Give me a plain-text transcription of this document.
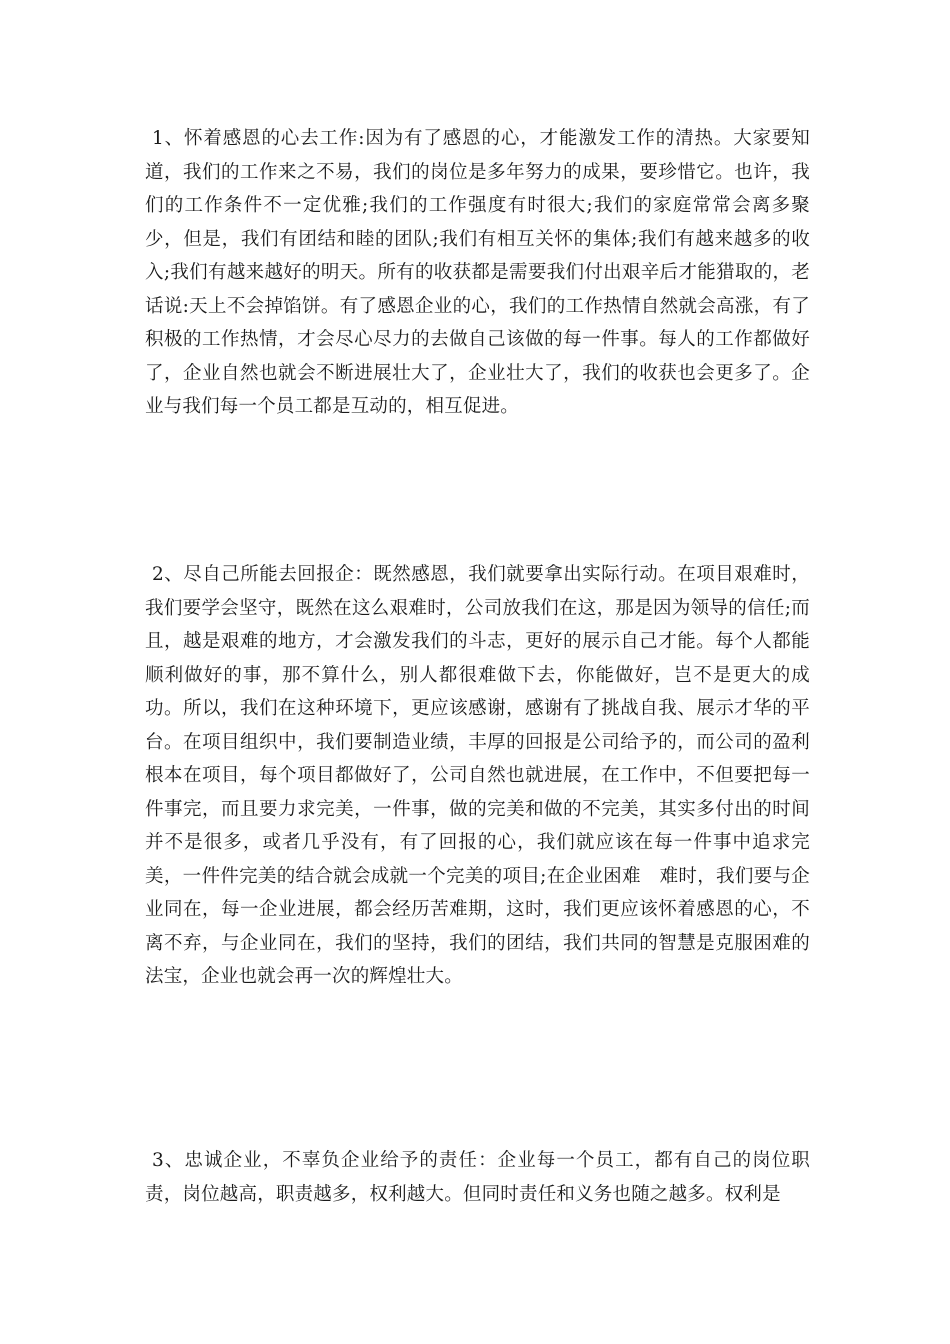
1、怀着感恩的心去工作:因为有了感恩的心，才能激发工作的清热。大家要知道，我们的工作来之不易，我们的岗位是多年努力的成果，要珍惜它。也许，我们的工作条件不一定优雅;我们的工作强度有时很大;我们的家庭常常会离多聚少，但是，我们有团结和睦的团队;我们有相互关怀的集体;我们有越来越多的收入;我们有越来越好的明天。所有的收获都是需要我们付出艰辛后才能猎取的，老话说:天上不会掉馅饼。有了感恩企业的心，我们的工作热情自然就会高涨，有了积极的工作热情，才会尽心尽力的去做自己该做的每一件事。每人的工作都做好了，企业自然也就会不断进展壮大了，企业壮大了，我们的收获也会更多了。企业与我们每一个员工都是互动的，相互促进。

2、尽自己所能去回报企：既然感恩，我们就要拿出实际行动。在项目艰难时，我们要学会坚守，既然在这么艰难时，公司放我们在这，那是因为领导的信任;而且，越是艰难的地方，才会激发我们的斗志，更好的展示自己才能。每个人都能顺利做好的事，那不算什么，别人都很难做下去，你能做好，岂不是更大的成功。所以，我们在这种环境下，更应该感谢，感谢有了挑战自我、展示才华的平台。在项目组织中，我们要制造业绩，丰厚的回报是公司给予的，而公司的盈利根本在项目，每个项目都做好了，公司自然也就进展，在工作中，不但要把每一件事完，而且要力求完美，一件事，做的完美和做的不完美，其实多付出的时间并不是很多，或者几乎没有，有了回报的心，我们就应该在每一件事中追求完美，一件件完美的结合就会成就一个完美的项目;在企业困难　难时，我们要与企业同在，每一企业进展，都会经历苦难期，这时，我们更应该怀着感恩的心，不离不弃，与企业同在，我们的坚持，我们的团结，我们共同的智慧是克服困难的法宝，企业也就会再一次的辉煌壮大。

3、忠诚企业，不辜负企业给予的责任：企业每一个员工，都有自己的岗位职责，岗位越高，职责越多，权利越大。但同时责任和义务也随之越多。权利是
